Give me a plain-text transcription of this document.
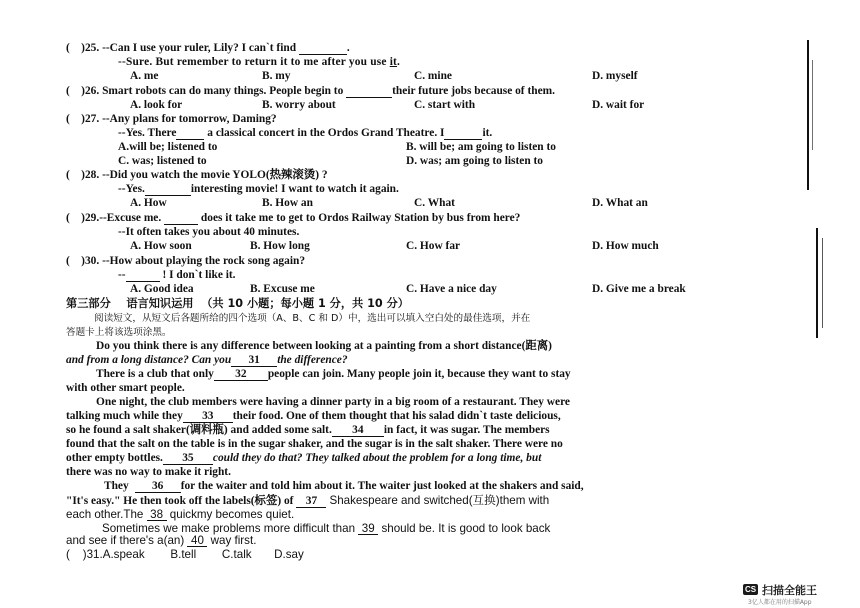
(    )25. --Can I use your ruler, Lily? I can`t find	.
--Sure. But remember to return it to me after you use it.
A. me	B. my	C. mine	D. myself
(    )26. Smart robots can do many things. People begin to	their future jobs because of them.
A. look for	B. worry about	C. start with	D. wait for
(    )27. --Any plans for tomorrow, Daming?
--Yes. There  a classical concert in the Ordos Grand Theatre. I	it.
A.will be; listened to	B. will be; am going to listen to
C. was; listened to	D. was; am going to listen to
(    )28. --Did you watch the movie YOLO(热辣滚烫) ?
--Yes.	interesting movie! I want to watch it again.
A. How	B. How an	C. What	D. What an
(    )29.--Excuse me.	does it take me to get to Ordos Railway Station by bus from here?
--It often takes you about 40 minutes.
A. How soon	B. How long	C. How far	D. How much
(    )30. --How about playing the rock song again?
--	! I don`t like it.
A. Good idea	B. Excuse me	C. Have a nice day	D. Give me a break
第三部分    语言知识运用  （共 10 小题；每小题 1 分，共 10 分）
阅读短文，从短文后各题所给的四个选项（A、B、C 和 D）中，选出可以填入空白处的最佳选项，并在
答题卡上将该选项涂黑。
Do you think there is any difference between looking at a painting from a short distance(距离)
and from a long distance? Can you 31 the difference?
There is a club that only 32 people can join. Many people join it, because they want to stay
with other smart people.
One night, the club members were having a dinner party in a big room of a restaurant. They were
talking much while they 33 their food. One of them thought that his salad didn`t taste delicious,
so he found a salt shaker(调料瓶) and added some salt. 34 in fact, it was sugar. The members
found that the salt on the table is in the sugar shaker, and the sugar is in the salt shaker. There were no
other empty bottles. 35 could they do that? They talked about the problem for a long time, but
there was no way to make it right.
They 36 for the waiter and told him about it. The waiter just looked at the shakers and said,
"It's easy." He then took off the labels(标签) of 37 Shakespeare and switched(互换)them with
each other.The 38 quickmy becomes quiet.
Sometimes we make problems more difficult than 39 should be. It is good to look back
and see if there's a(an) 40 way first.
(    )31.A.speak        B.tell        C.talk       D.say
CS 扫描全能王
3亿人都在用的扫描App
